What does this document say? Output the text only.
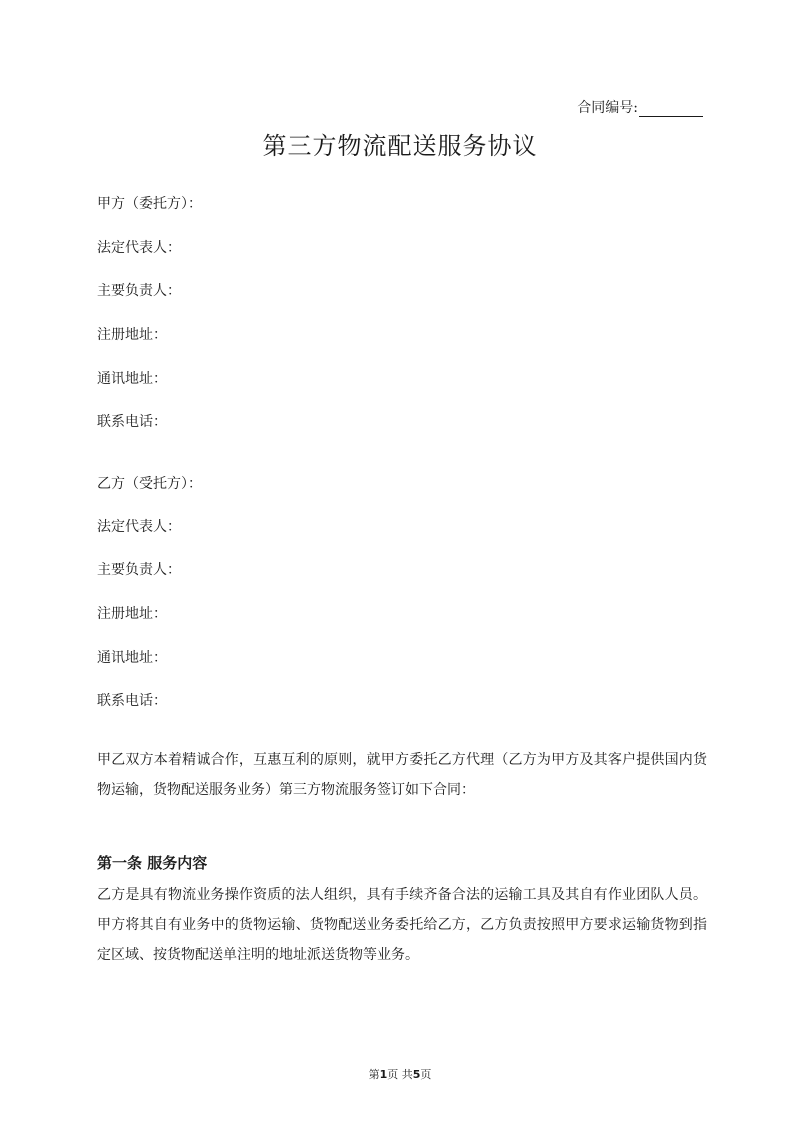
合同编号:
第三方物流配送服务协议
甲方（委托方）：
法定代表人：
主要负责人：
注册地址：
通讯地址：
联系电话：
乙方（受托方）：
法定代表人：
主要负责人：
注册地址：
通讯地址：
联系电话：
甲乙双方本着精诚合作，互惠互利的原则，就甲方委托乙方代理（乙方为甲方及其客户提供国内货物运输，货物配送服务业务）第三方物流服务签订如下合同：
第一条 服务内容
乙方是具有物流业务操作资质的法人组织，具有手续齐备合法的运输工具及其自有作业团队人员。甲方将其自有业务中的货物运输、货物配送业务委托给乙方，乙方负责按照甲方要求运输货物到指定区域、按货物配送单注明的地址派送货物等业务。
第1页 共5页
